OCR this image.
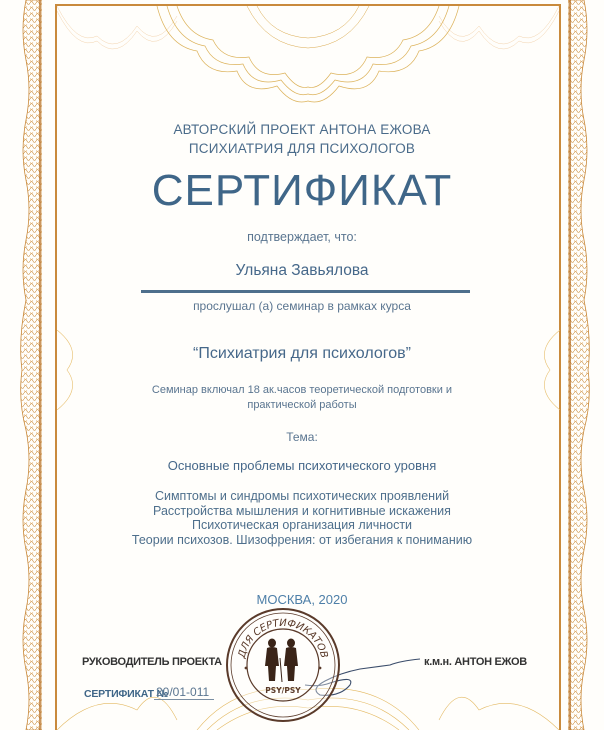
АВТОРСКИЙ ПРОЕКТ АНТОНА ЕЖОВА
ПСИХИАТРИЯ ДЛЯ ПСИХОЛОГОВ
СЕРТИФИКАТ
подтверждает, что:
Ульяна Завьялова
прослушал (а) семинар в рамках курса
“Психиатрия для психологов”
Семинар включал 18 ак.часов теоретической подготовки и
практической работы
Тема:
Основные проблемы психотического уровня
Симптомы и синдромы психотических проявлений
Расстройства мышления и когнитивные искажения
Психотическая организация личности
Теории психозов. Шизофрения: от избегания к пониманию
МОСКВА, 2020
РУКОВОДИТЕЛЬ ПРОЕКТА	к.м.н. АНТОН ЕЖОВ
СЕРТИФИКАТ №
20/01-011
ДЛЯ СЕРТИФИКАТОВ
PSY/PSY
